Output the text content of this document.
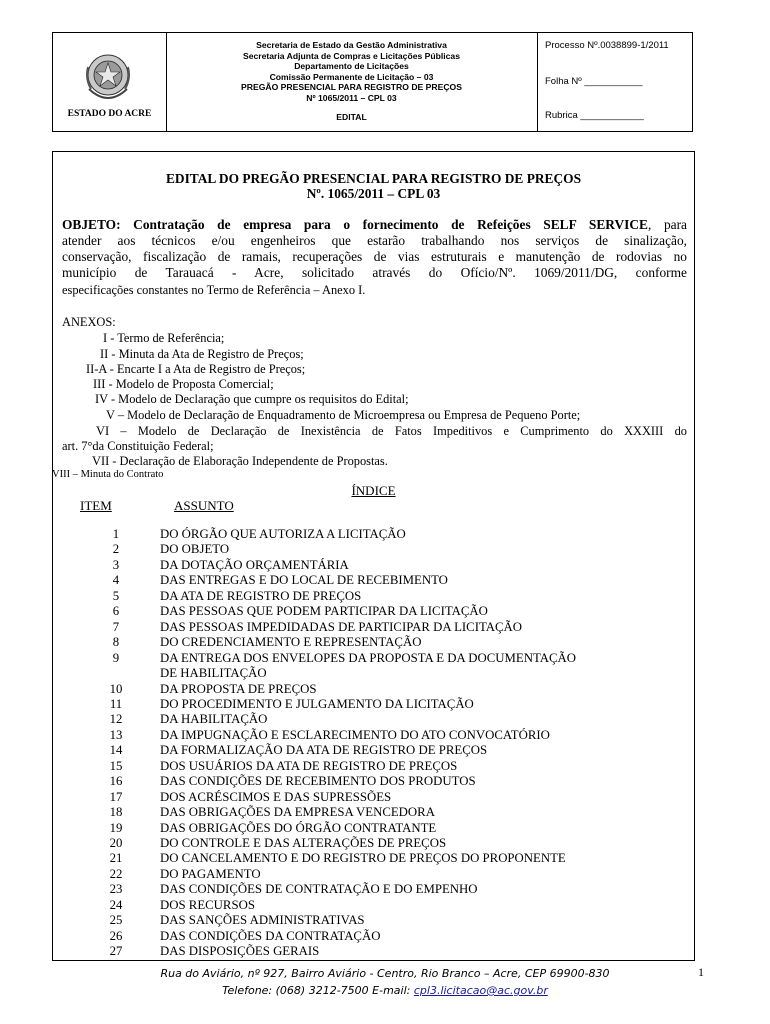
ESTADO DO ACRE
Secretaria de Estado da Gestão Administrativa
Secretaria Adjunta de Compras e Licitações Públicas
Departamento de Licitações
Comissão Permanente de Licitação – 03
PREGÃO PRESENCIAL PARA REGISTRO DE PREÇOS
Nº 1065/2011 – CPL 03
EDITAL
Processo Nº.0038899-1/2011
Folha Nº ___________
Rubrica ____________
EDITAL DO PREGÃO PRESENCIAL PARA REGISTRO DE PREÇOS
Nº. 1065/2011 – CPL 03
OBJETO: Contratação de empresa para o fornecimento de Refeições SELF SERVICE, para
atender aos técnicos e/ou engenheiros que estarão trabalhando nos serviços de sinalização,
conservação, fiscalização de ramais, recuperações de vias estruturais e manutenção de rodovias no
município de Tarauacá - Acre, solicitado através do Ofício/Nº. 1069/2011/DG, conforme
especificações constantes no Termo de Referência – Anexo I.
ANEXOS:
I - Termo de Referência;
II - Minuta da Ata de Registro de Preços;
II-A - Encarte I a Ata de Registro de Preços;
III - Modelo de Proposta Comercial;
IV - Modelo de Declaração que cumpre os requisitos do Edital;
V – Modelo de Declaração de Enquadramento de Microempresa ou Empresa de Pequeno Porte;
VI – Modelo de Declaração de Inexistência de Fatos Impeditivos e Cumprimento do XXXIII do
art. 7°da Constituição Federal;
VII - Declaração de Elaboração Independente de Propostas.
VIII – Minuta do Contrato
ÍNDICE
ITEM	ASSUNTO
1	DO ÓRGÃO QUE AUTORIZA A LICITAÇÃO
2	DO OBJETO
3	DA DOTAÇÃO ORÇAMENTÁRIA
4	DAS ENTREGAS E DO LOCAL DE RECEBIMENTO
5	DA ATA DE REGISTRO DE PREÇOS
6	DAS PESSOAS QUE PODEM PARTICIPAR DA LICITAÇÃO
7	DAS PESSOAS IMPEDIDADAS DE PARTICIPAR DA LICITAÇÃO
8	DO CREDENCIAMENTO E REPRESENTAÇÃO
9	DA ENTREGA DOS ENVELOPES DA PROPOSTA E DA DOCUMENTAÇÃO
DE HABILITAÇÃO
10	DA PROPOSTA DE PREÇOS
11	DO PROCEDIMENTO E JULGAMENTO DA LICITAÇÃO
12	DA HABILITAÇÃO
13	DA IMPUGNAÇÃO E ESCLARECIMENTO DO ATO CONVOCATÓRIO
14	DA FORMALIZAÇÃO DA ATA DE REGISTRO DE PREÇOS
15	DOS USUÁRIOS DA ATA DE REGISTRO DE PREÇOS
16	DAS CONDIÇÕES DE RECEBIMENTO DOS PRODUTOS
17	DOS ACRÉSCIMOS E DAS SUPRESSÕES
18	DAS OBRIGAÇÕES DA EMPRESA VENCEDORA
19	DAS OBRIGAÇÕES DO ÓRGÃO CONTRATANTE
20	DO CONTROLE E DAS ALTERAÇÕES DE PREÇOS
21	DO CANCELAMENTO E DO REGISTRO DE PREÇOS DO PROPONENTE
22	DO PAGAMENTO
23	DAS CONDIÇÕES DE CONTRATAÇÃO E DO EMPENHO
24	DOS RECURSOS
25	DAS SANÇÕES ADMINISTRATIVAS
26	DAS CONDIÇÕES DA CONTRATAÇÃO
27	DAS DISPOSIÇÕES GERAIS
Rua do Aviário, nº 927, Bairro Aviário - Centro, Rio Branco – Acre, CEP 69900-830
Telefone: (068) 3212-7500 E-mail: cpl3.licitacao@ac.gov.br
1
